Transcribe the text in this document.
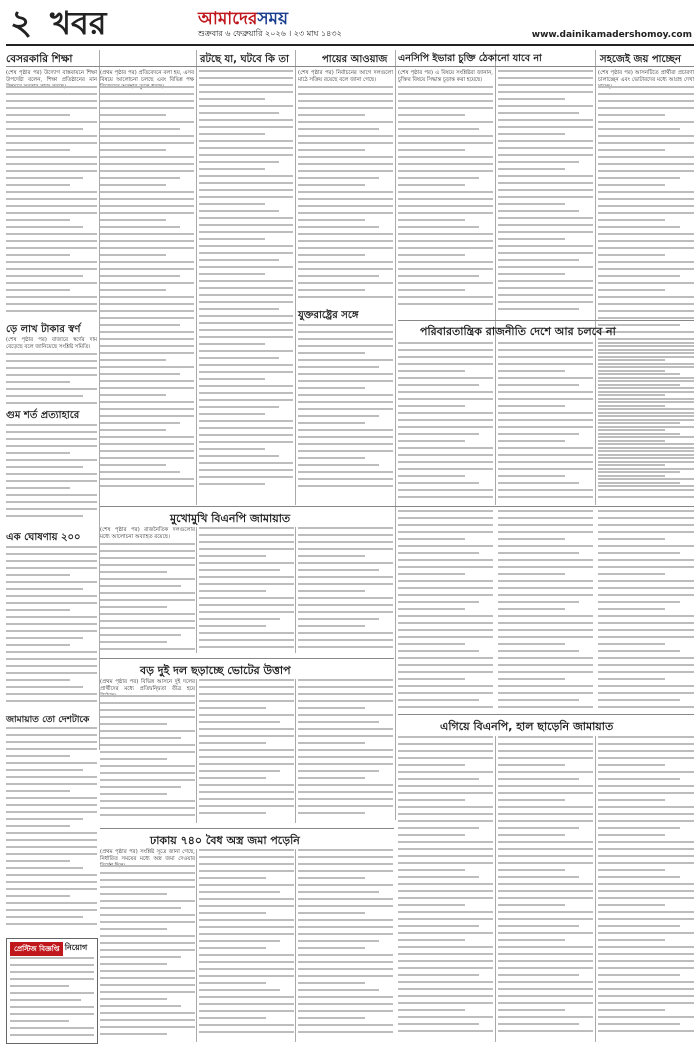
২ খবর	আমাদেরসময়
শুক্রবার ৬ ফেব্রুয়ারি ২০২৬ । ২৩ মাঘ ১৪৩২	www.dainikamadershomoy.com
বেসরকারি শিক্ষা	রটছে যা, ঘটবে কি তা	পায়ের আওয়াজ	এনসিপি ইভারা চুক্তি ঠেকানো যাবে না	সহজেই জয় পাচ্ছেন
(শেষ পৃষ্ঠার পর) উদ্যোগ বাস্তবায়নে শিক্ষা উপদেষ্টা বলেন, শিক্ষা প্রতিষ্ঠানের মান
ড়ে লাখ টাকার স্বর্ণ
(শেষ পৃষ্ঠার পর) বাজারে স্বর্ণের দাম বেড়েছে বলে জানিয়েছে সংশ্লিষ্ট সমিতি।
গুম শর্ত প্রত্যাহারে
এক ঘোষণায় ২০০
জামায়াত তো দেশটাকে
প্রেস্টিজ বিজ্ঞপ্তি নিয়োগ
(প্রথম পৃষ্ঠার পর) প্রতিবেদনে বলা হয়, এসব বিষয়ে আলোচনা চলছে এবং বিভিন্ন পক্ষ
(শেষ পৃষ্ঠার পর) নির্বাচনের আগে দলগুলো মাঠে সক্রিয় রয়েছে বলে জানা গেছে।
যুক্তরাষ্ট্রের সঙ্গে
(শেষ পৃষ্ঠার পর) এ বিষয়ে সংশ্লিষ্টরা জানান, চুক্তির বিষয়ে সিদ্ধান্ত চূড়ান্ত করা হয়েছে।
(শেষ পৃষ্ঠার পর) আসনটিতে প্রার্থীরা প্রচারণা চালাচ্ছেন এবং ভোটারদের মধ্যে আগ্রহ দেখা
পরিবারতান্ত্রিক রাজনীতি দেশে আর চলবে না
মুখোমুখি বিএনপি জামায়াত
(শেষ পৃষ্ঠার পর) রাজনৈতিক দলগুলোর মধ্যে আলোচনা অব্যাহত রয়েছে।
বড় দুই দল ছড়াচ্ছে ভোটের উত্তাপ
(প্রথম পৃষ্ঠার পর) বিভিন্ন আসনে দুই দলের প্রার্থীদের মধ্যে প্রতিদ্বন্দ্বিতা তীব্র হয়ে
এগিয়ে বিএনপি, হাল ছাড়েনি জামায়াত
ঢাকায় ৭৪০ বৈধ অস্ত্র জমা পড়েনি
(প্রথম পৃষ্ঠার পর) সংশ্লিষ্ট সূত্রে জানা গেছে, নির্ধারিত সময়ের মধ্যে অস্ত্র জমা দেওয়ার
